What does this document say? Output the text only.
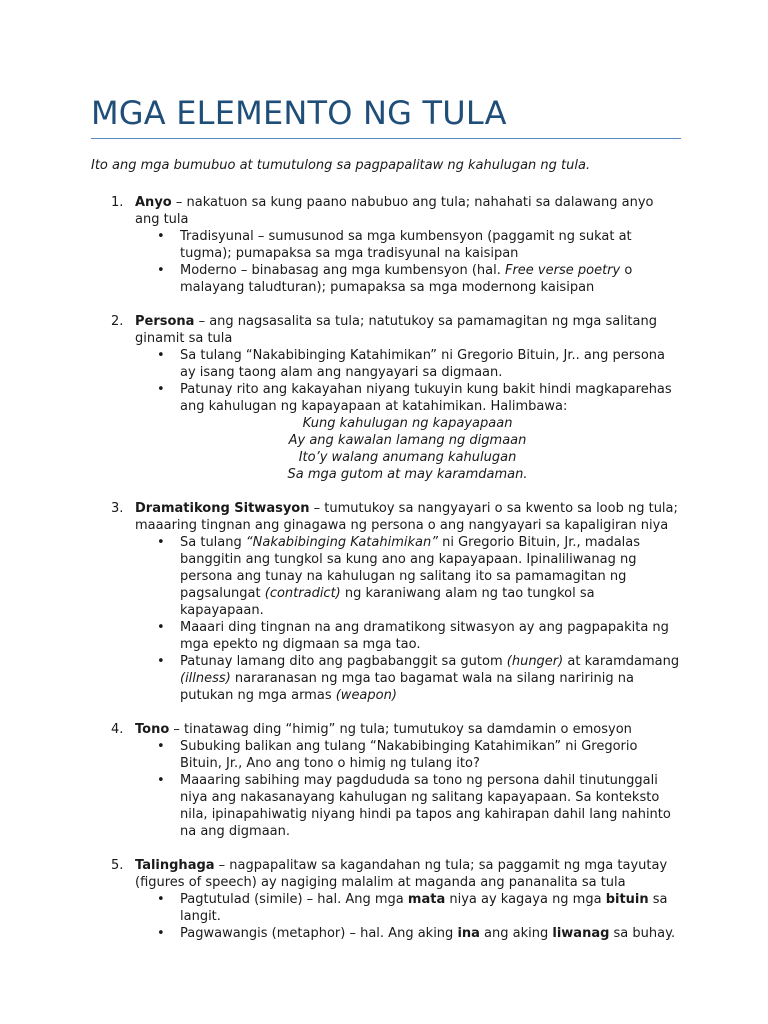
MGA ELEMENTO NG TULA

Ito ang mga bumubuo at tumutulong sa pagpapalitaw ng kahulugan ng tula.

1. Anyo – nakatuon sa kung paano nabubuo ang tula; nahahati sa dalawang anyo ang tula
• Tradisyunal – sumusunod sa mga kumbensyon (paggamit ng sukat at tugma); pumapaksa sa mga tradisyunal na kaisipan
• Moderno – binabasag ang mga kumbensyon (hal. Free verse poetry o malayang taludturan); pumapaksa sa mga modernong kaisipan
2. Persona – ang nagsasalita sa tula; natutukoy sa pamamagitan ng mga salitang ginamit sa tula
• Sa tulang “Nakabibinging Katahimikan” ni Gregorio Bituin, Jr.. ang persona ay isang taong alam ang nangyayari sa digmaan.
• Patunay rito ang kakayahan niyang tukuyin kung bakit hindi magkaparehas ang kahulugan ng kapayapaan at katahimikan. Halimbawa:
Kung kahulugan ng kapayapaan
Ay ang kawalan lamang ng digmaan
Ito’y walang anumang kahulugan
Sa mga gutom at may karamdaman.
3. Dramatikong Sitwasyon – tumutukoy sa nangyayari o sa kwento sa loob ng tula; maaaring tingnan ang ginagawa ng persona o ang nangyayari sa kapaligiran niya
• Sa tulang “Nakabibinging Katahimikan” ni Gregorio Bituin, Jr., madalas banggitin ang tungkol sa kung ano ang kapayapaan. Ipinaliliwanag ng persona ang tunay na kahulugan ng salitang ito sa pamamagitan ng pagsalungat (contradict) ng karaniwang alam ng tao tungkol sa kapayapaan.
• Maaari ding tingnan na ang dramatikong sitwasyon ay ang pagpapakita ng mga epekto ng digmaan sa mga tao.
• Patunay lamang dito ang pagbabanggit sa gutom (hunger) at karamdamang (illness) nararanasan ng mga tao bagamat wala na silang naririnig na putukan ng mga armas (weapon)
4. Tono – tinatawag ding “himig” ng tula; tumutukoy sa damdamin o emosyon
• Subuking balikan ang tulang “Nakabibinging Katahimikan” ni Gregorio Bituin, Jr., Ano ang tono o himig ng tulang ito?
• Maaaring sabihing may pagdududa sa tono ng persona dahil tinutunggali niya ang nakasanayang kahulugan ng salitang kapayapaan. Sa konteksto nila, ipinapahiwatig niyang hindi pa tapos ang kahirapan dahil lang nahinto na ang digmaan.
5. Talinghaga – nagpapalitaw sa kagandahan ng tula; sa paggamit ng mga tayutay (figures of speech) ay nagiging malalim at maganda ang pananalita sa tula
• Pagtutulad (simile) – hal. Ang mga mata niya ay kagaya ng mga bituin sa langit.
• Pagwawangis (metaphor) – hal. Ang aking ina ang aking liwanag sa buhay.
